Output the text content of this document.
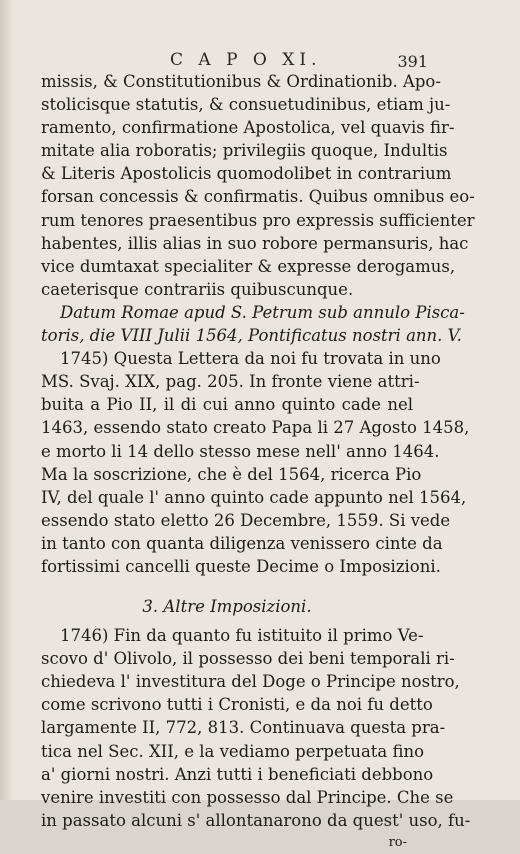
C A P O XI.	391
missis, & Constitutionibus & Ordinationib. Apo-
stolicisque statutis, & consuetudinibus, etiam ju-
ramento, confirmatione Apostolica, vel quavis fir-
mitate alia roboratis; privilegiis quoque, Indultis
& Literis Apostolicis quomodolibet in contrarium
forsan concessis & confirmatis. Quibus omnibus eo-
rum tenores praesentibus pro expressis sufficienter
habentes, illis alias in suo robore permansuris, hac
vice dumtaxat specialiter & expresse derogamus,
caeterisque contrariis quibuscunque.
Datum Romae apud S. Petrum sub annulo Pisca-
toris, die VIII Julii 1564, Pontificatus nostri ann. V.
1745) Questa Lettera da noi fu trovata in uno
MS. Svaj. XIX, pag. 205. In fronte viene attri-
buita a Pio II, il di cui anno quinto cade nel
1463, essendo stato creato Papa li 27 Agosto 1458,
e morto li 14 dello stesso mese nell' anno 1464.
Ma la soscrizione, che è del 1564, ricerca Pio
IV, del quale l' anno quinto cade appunto nel 1564,
essendo stato eletto 26 Decembre, 1559. Si vede
in tanto con quanta diligenza venissero cinte da
fortissimi cancelli queste Decime o Imposizioni.
3. Altre Imposizioni.
1746) Fin da quanto fu istituito il primo Ve-
scovo d' Olivolo, il possesso dei beni temporali ri-
chiedeva l' investitura del Doge o Principe nostro,
come scrivono tutti i Cronisti, e da noi fu detto
largamente II, 772, 813. Continuava questa pra-
tica nel Sec. XII, e la vediamo perpetuata fino
a' giorni nostri. Anzi tutti i beneficiati debbono
venire investiti con possesso dal Principe. Che se
in passato alcuni s' allontanarono da quest' uso, fu-
ro-
